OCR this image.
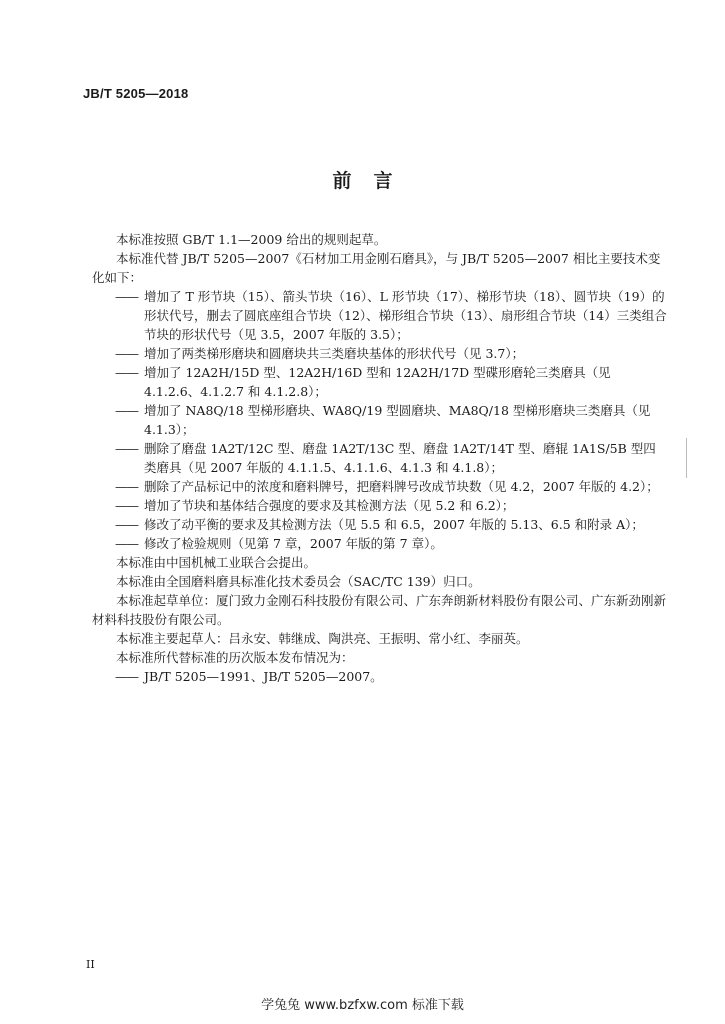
JB/T 5205—2018
前言

本标准按照 GB/T 1.1—2009 给出的规则起草。

本标准代替 JB/T 5205—2007《石材加工用金刚石磨具》，与 JB/T 5205—2007 相比主要技术变化如下：

—— 增加了 T 形节块（15）、箭头节块（16）、L 形节块（17）、梯形节块（18）、圆节块（19）的形状代号，删去了圆底座组合节块（12）、梯形组合节块（13）、扇形组合节块（14）三类组合节块的形状代号（见 3.5，2007 年版的 3.5）；

—— 增加了两类梯形磨块和圆磨块共三类磨块基体的形状代号（见 3.7）；

—— 增加了 12A2H/15D 型、12A2H/16D 型和 12A2H/17D 型碟形磨轮三类磨具（见 4.1.2.6、4.1.2.7 和 4.1.2.8）；

—— 增加了 NA8Q/18 型梯形磨块、WA8Q/19 型圆磨块、MA8Q/18 型梯形磨块三类磨具（见 4.1.3）；

—— 删除了磨盘 1A2T/12C 型、磨盘 1A2T/13C 型、磨盘 1A2T/14T 型、磨辊 1A1S/5B 型四类磨具（见 2007 年版的 4.1.1.5、4.1.1.6、4.1.3 和 4.1.8）；

—— 删除了产品标记中的浓度和磨料牌号，把磨料牌号改成节块数（见 4.2，2007 年版的 4.2）；

—— 增加了节块和基体结合强度的要求及其检测方法（见 5.2 和 6.2）；

—— 修改了动平衡的要求及其检测方法（见 5.5 和 6.5，2007 年版的 5.13、6.5 和附录 A）；

—— 修改了检验规则（见第 7 章，2007 年版的第 7 章）。

本标准由中国机械工业联合会提出。

本标准由全国磨料磨具标准化技术委员会（SAC/TC 139）归口。

本标准起草单位：厦门致力金刚石科技股份有限公司、广东奔朗新材料股份有限公司、广东新劲刚新材料科技股份有限公司。

本标准主要起草人：吕永安、韩继成、陶洪亮、王振明、常小红、李丽英。

本标准所代替标准的历次版本发布情况为：

—— JB/T 5205—1991、JB/T 5205—2007。

II
学兔兔 www.bzfxw.com 标准下载
